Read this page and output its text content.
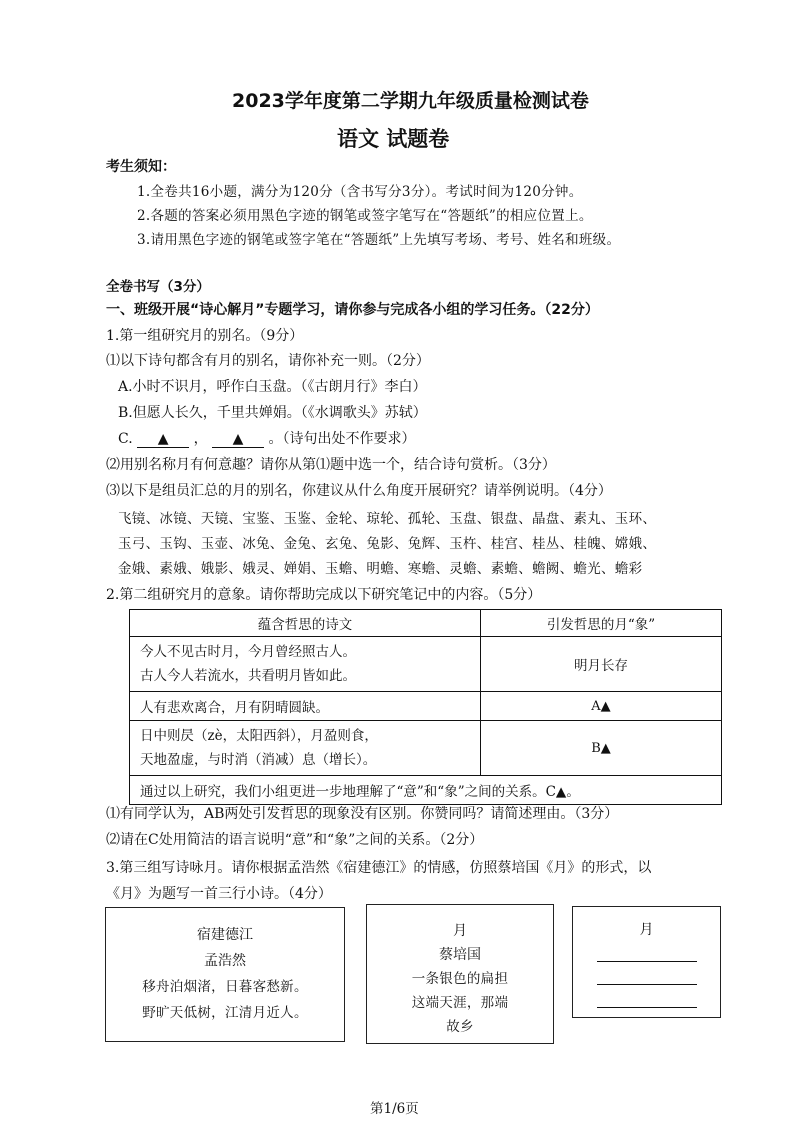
2023学年度第二学期九年级质量检测试卷
语文 试题卷
考生须知：
1.全卷共16小题，满分为120分（含书写分3分）。考试时间为120分钟。
2.各题的答案必须用黑色字迹的钢笔或签字笔写在“答题纸”的相应位置上。
3.请用黑色字迹的钢笔或签字笔在“答题纸”上先填写考场、考号、姓名和班级。
全卷书写（3分）
一、班级开展“诗心解月”专题学习，请你参与完成各小组的学习任务。（22分）
1.第一组研究月的别名。（9分）
⑴以下诗句都含有月的别名，请你补充一则。（2分）
A.小时不识月，呼作白玉盘。（《古朗月行》李白）
B.但愿人长久，千里共婵娟。（《水调歌头》苏轼）
C. ▲ ， ▲ 。（诗句出处不作要求）
⑵用别名称月有何意趣？请你从第⑴题中选一个，结合诗句赏析。（3分）
⑶以下是组员汇总的月的别名，你建议从什么角度开展研究？请举例说明。（4分）
飞镜、冰镜、天镜、宝鉴、玉鉴、金轮、琼轮、孤轮、玉盘、银盘、晶盘、素丸、玉环、
玉弓、玉钩、玉壶、冰兔、金兔、玄兔、兔影、兔辉、玉杵、桂宫、桂丛、桂魄、嫦娥、
金娥、素娥、娥影、娥灵、婵娟、玉蟾、明蟾、寒蟾、灵蟾、素蟾、蟾阙、蟾光、蟾彩
2.第二组研究月的意象。请你帮助完成以下研究笔记中的内容。（5分）
蕴含哲思的诗文	引发哲思的月“象”

今人不见古时月，今月曾经照古人。
古人今人若流水，共看明月皆如此。	明月长存
人有悲欢离合，月有阴晴圆缺。	A▲

日中则昃（zè，太阳西斜），月盈则食，
天地盈虚，与时消（消减）息（增长）。	B▲
通过以上研究，我们小组更进一步地理解了“意”和“象”之间的关系。C▲。	
⑴有同学认为，AB两处引发哲思的现象没有区别。你赞同吗？请简述理由。（3分）
⑵请在C处用简洁的语言说明“意”和“象”之间的关系。（2分）
3.第三组写诗咏月。请你根据孟浩然《宿建德江》的情感，仿照蔡培国《月》的形式，以
《月》为题写一首三行小诗。（4分）
宿建德江
孟浩然
移舟泊烟渚，日暮客愁新。
野旷天低树，江清月近人。
月
蔡培国
一条银色的扁担
这端天涯，那端
故乡
月
第1/6页
